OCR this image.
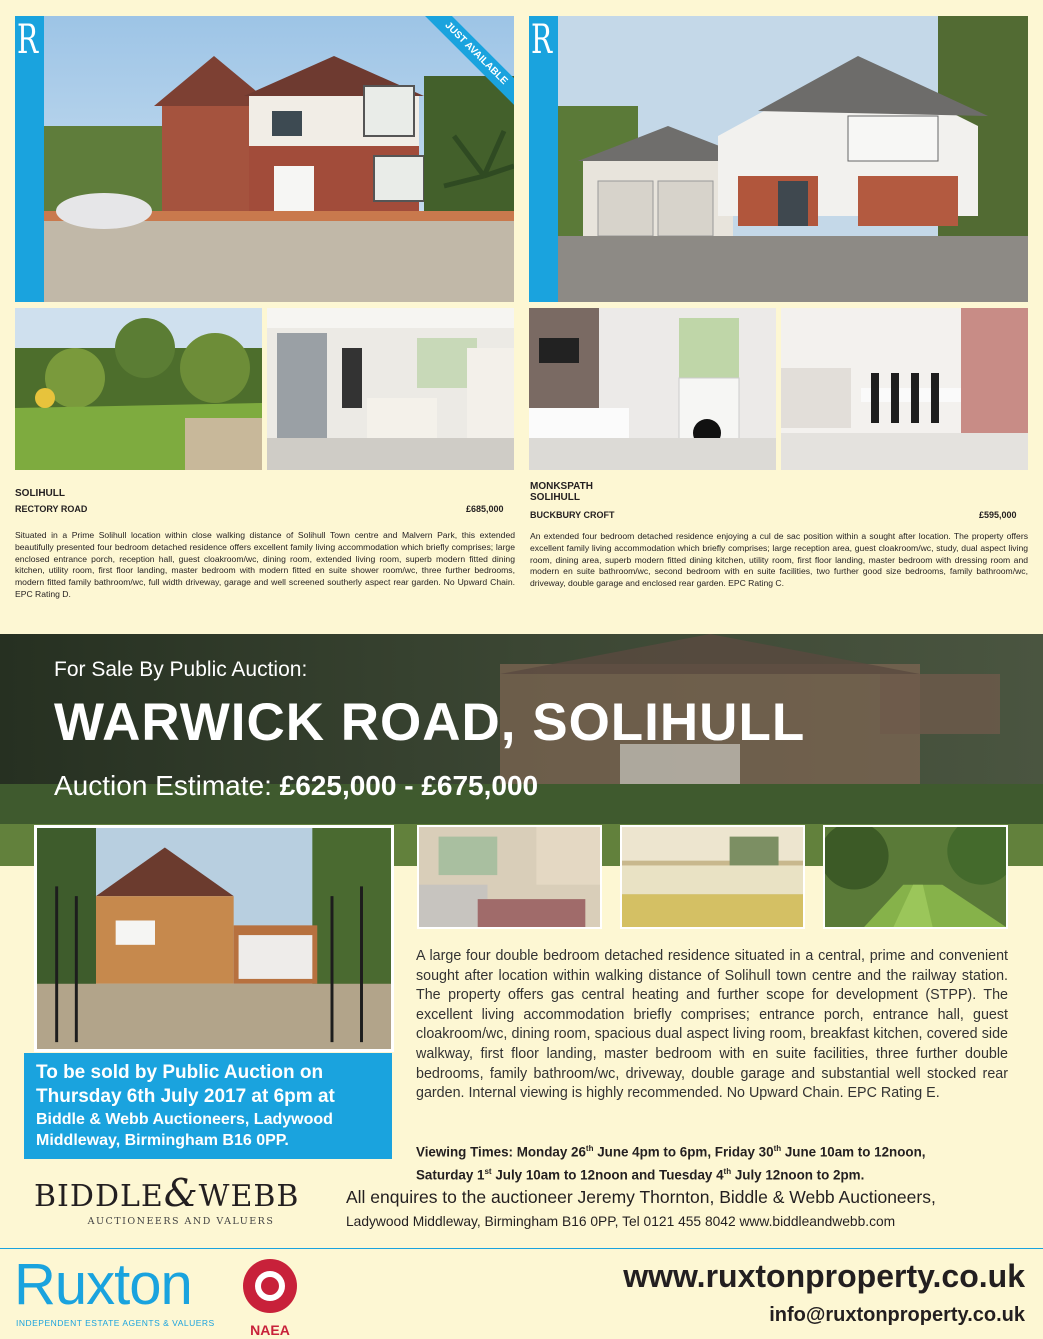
R	JUST AVAILABLE
SOLIHULL
RECTORY ROAD	£685,000
Situated in a Prime Solihull location within close walking distance of Solihull Town centre and Malvern Park, this extended beautifully presented four bedroom detached residence offers excellent family living accommodation which briefly comprises; large enclosed entrance porch, reception hall, guest cloakroom/wc, dining room, extended living room, superb modern fitted dining kitchen, utility room, first floor landing, master bedroom with modern fitted en suite shower room/wc, three further bedrooms, modern fitted family bathroom/wc, full width driveway, garage and well screened southerly aspect rear garden. No Upward Chain. EPC Rating D.
R
MONKSPATH
SOLIHULL
BUCKBURY CROFT	£595,000
An extended four bedroom detached residence enjoying a cul de sac position within a sought after location. The property offers excellent family living accommodation which briefly comprises; large reception area, guest cloakroom/wc, study, dual aspect living room, dining area, superb modern fitted dining kitchen, utility room, first floor landing, master bedroom with dressing room and modern en suite bathroom/wc, second bedroom with en suite facilities, two further good size bedrooms, family bathroom/wc, driveway, double garage and enclosed rear garden. EPC Rating C.
For Sale By Public Auction:
WARWICK ROAD, SOLIHULL
Auction Estimate: £625,000 - £675,000
A large four double bedroom detached residence situated in a central, prime and convenient sought after location within walking distance of Solihull town centre and the railway station. The property offers gas central heating and further scope for development (STPP). The excellent living accommodation briefly comprises; entrance porch, entrance hall, guest cloakroom/wc, dining room, spacious dual aspect living room, breakfast kitchen, covered side walkway, first floor landing, master bedroom with en suite facilities, three further double bedrooms, family bathroom/wc, driveway, double garage and substantial well stocked rear garden. Internal viewing is highly recommended. No Upward Chain. EPC Rating E.
To be sold by Public Auction on
Thursday 6th July 2017 at 6pm at
Biddle & Webb Auctioneers, Ladywood
Middleway, Birmingham B16 0PP.
Viewing Times: Monday 26th June 4pm to 6pm, Friday 30th June 10am to 12noon,
Saturday 1st July 10am to 12noon and Tuesday 4th July 12noon to 2pm.
BIDDLE&WEBB
AUCTIONEERS AND VALUERS
All enquires to the auctioneer Jeremy Thornton, Biddle & Webb Auctioneers,
Ladywood Middleway, Birmingham B16 0PP, Tel 0121 455 8042 www.biddleandwebb.com
Ruxton
INDEPENDENT ESTATE AGENTS & VALUERS	NAEA
www.ruxtonproperty.co.uk
info@ruxtonproperty.co.uk
